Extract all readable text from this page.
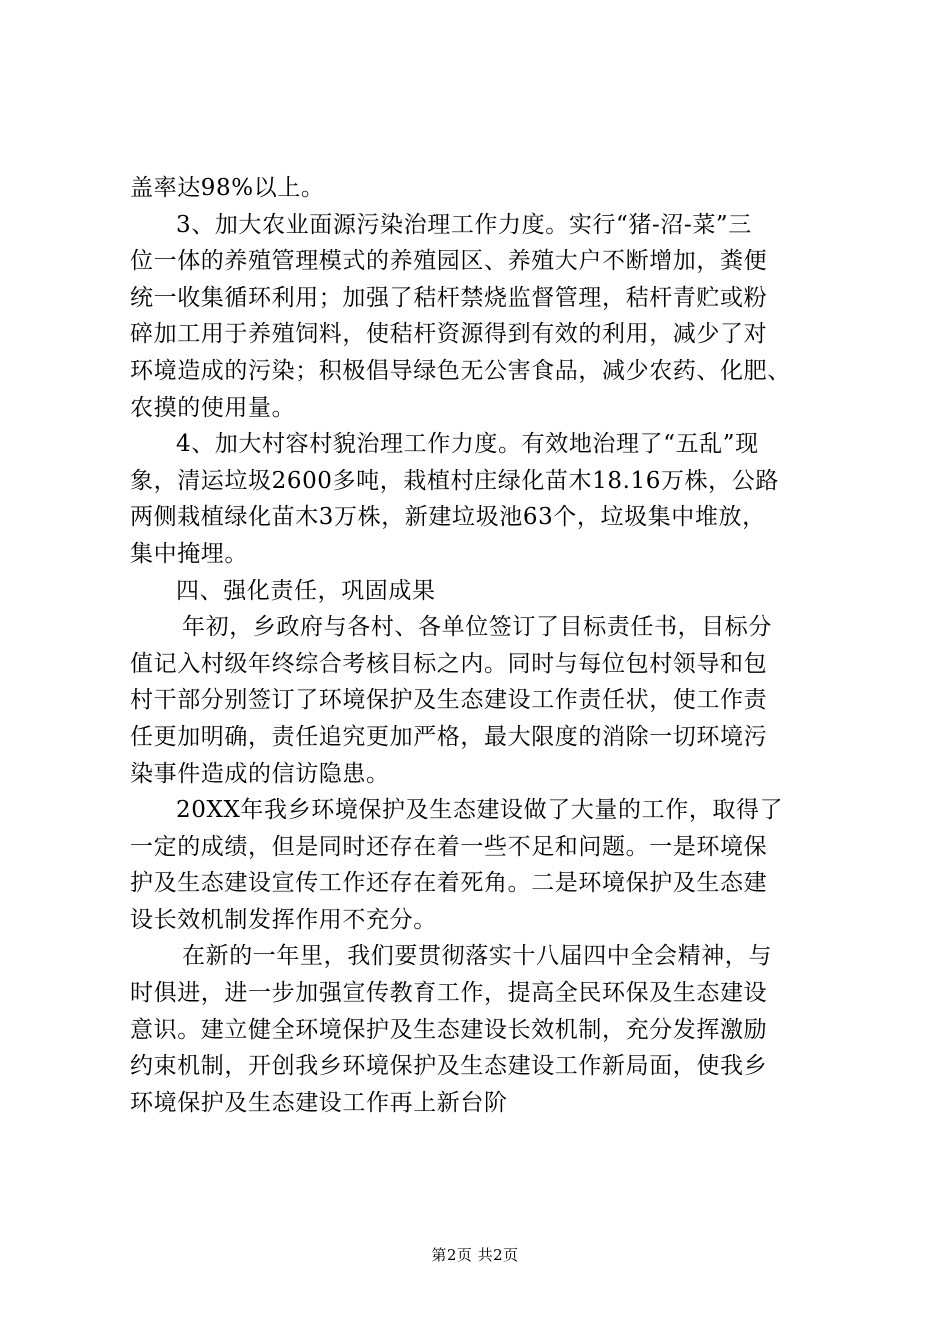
盖率达98%以上。
3、加大农业面源污染治理工作力度。实行“猪-沼-菜”三
位一体的养殖管理模式的养殖园区、养殖大户不断增加，粪便
统一收集循环利用；加强了秸杆禁烧监督管理，秸杆青贮或粉
碎加工用于养殖饲料，使秸杆资源得到有效的利用，减少了对
环境造成的污染；积极倡导绿色无公害食品，减少农药、化肥、
农摸的使用量。
4、加大村容村貌治理工作力度。有效地治理了“五乱”现
象，清运垃圾2600多吨，栽植村庄绿化苗木18.16万株，公路
两侧栽植绿化苗木3万株，新建垃圾池63个，垃圾集中堆放，
集中掩埋。
四、强化责任，巩固成果
年初，乡政府与各村、各单位签订了目标责任书，目标分
值记入村级年终综合考核目标之内。同时与每位包村领导和包
村干部分别签订了环境保护及生态建设工作责任状，使工作责
任更加明确，责任追究更加严格，最大限度的消除一切环境污
染事件造成的信访隐患。
20XX年我乡环境保护及生态建设做了大量的工作，取得了
一定的成绩，但是同时还存在着一些不足和问题。一是环境保
护及生态建设宣传工作还存在着死角。二是环境保护及生态建
设长效机制发挥作用不充分。
在新的一年里，我们要贯彻落实十八届四中全会精神，与
时俱进，进一步加强宣传教育工作，提高全民环保及生态建设
意识。建立健全环境保护及生态建设长效机制，充分发挥激励
约束机制，开创我乡环境保护及生态建设工作新局面，使我乡
环境保护及生态建设工作再上新台阶
第2页 共2页
